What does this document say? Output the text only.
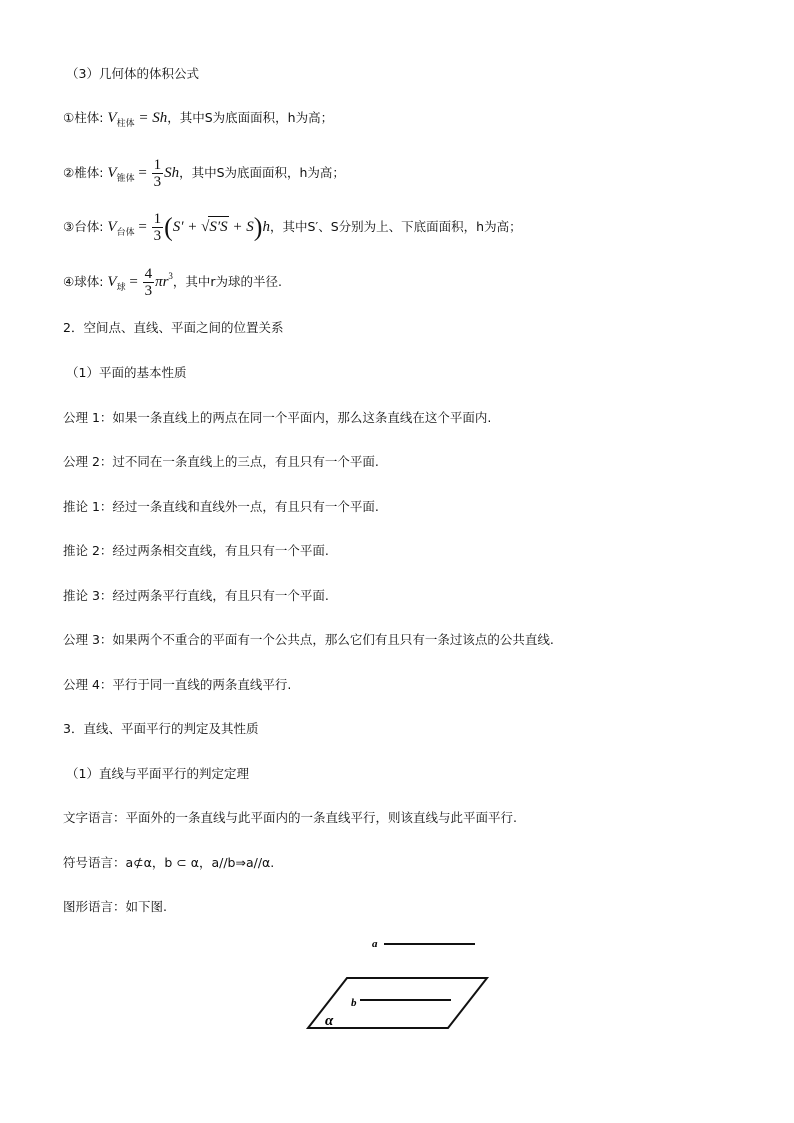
（3）几何体的体积公式
①柱体: $V_{柱体} = Sh$，其中S为底面面积，h为高；
②椎体: $V_{锥体} = \frac{1}{3}$ Sh，其中S为底面面积，h为高；
③台体: $V_{台体} = \frac{1}{3} (S' + √S'S + S)h$，其中S′、S分别为上、下底面面积，h为高；
④球体: $V_球 = \frac{4}{3} \pi r^3$，其中r为球的半径.
2．空间点、直线、平面之间的位置关系
（1）平面的基本性质
公理 1：如果一条直线上的两点在同一个平面内，那么这条直线在这个平面内.
公理 2：过不同在一条直线上的三点，有且只有一个平面.
推论 1：经过一条直线和直线外一点，有且只有一个平面.
推论 2：经过两条相交直线，有且只有一个平面.
推论 3：经过两条平行直线，有且只有一个平面.
公理 3：如果两个不重合的平面有一个公共点，那么它们有且只有一条过该点的公共直线.
公理 4：平行于同一直线的两条直线平行.
3．直线、平面平行的判定及其性质
（1）直线与平面平行的判定定理
文字语言：平面外的一条直线与此平面内的一条直线平行，则该直线与此平面平行.
符号语言：a⊄α，b ⊂ α，a//b⇒a//α.
图形语言：如下图.
a
b
α
